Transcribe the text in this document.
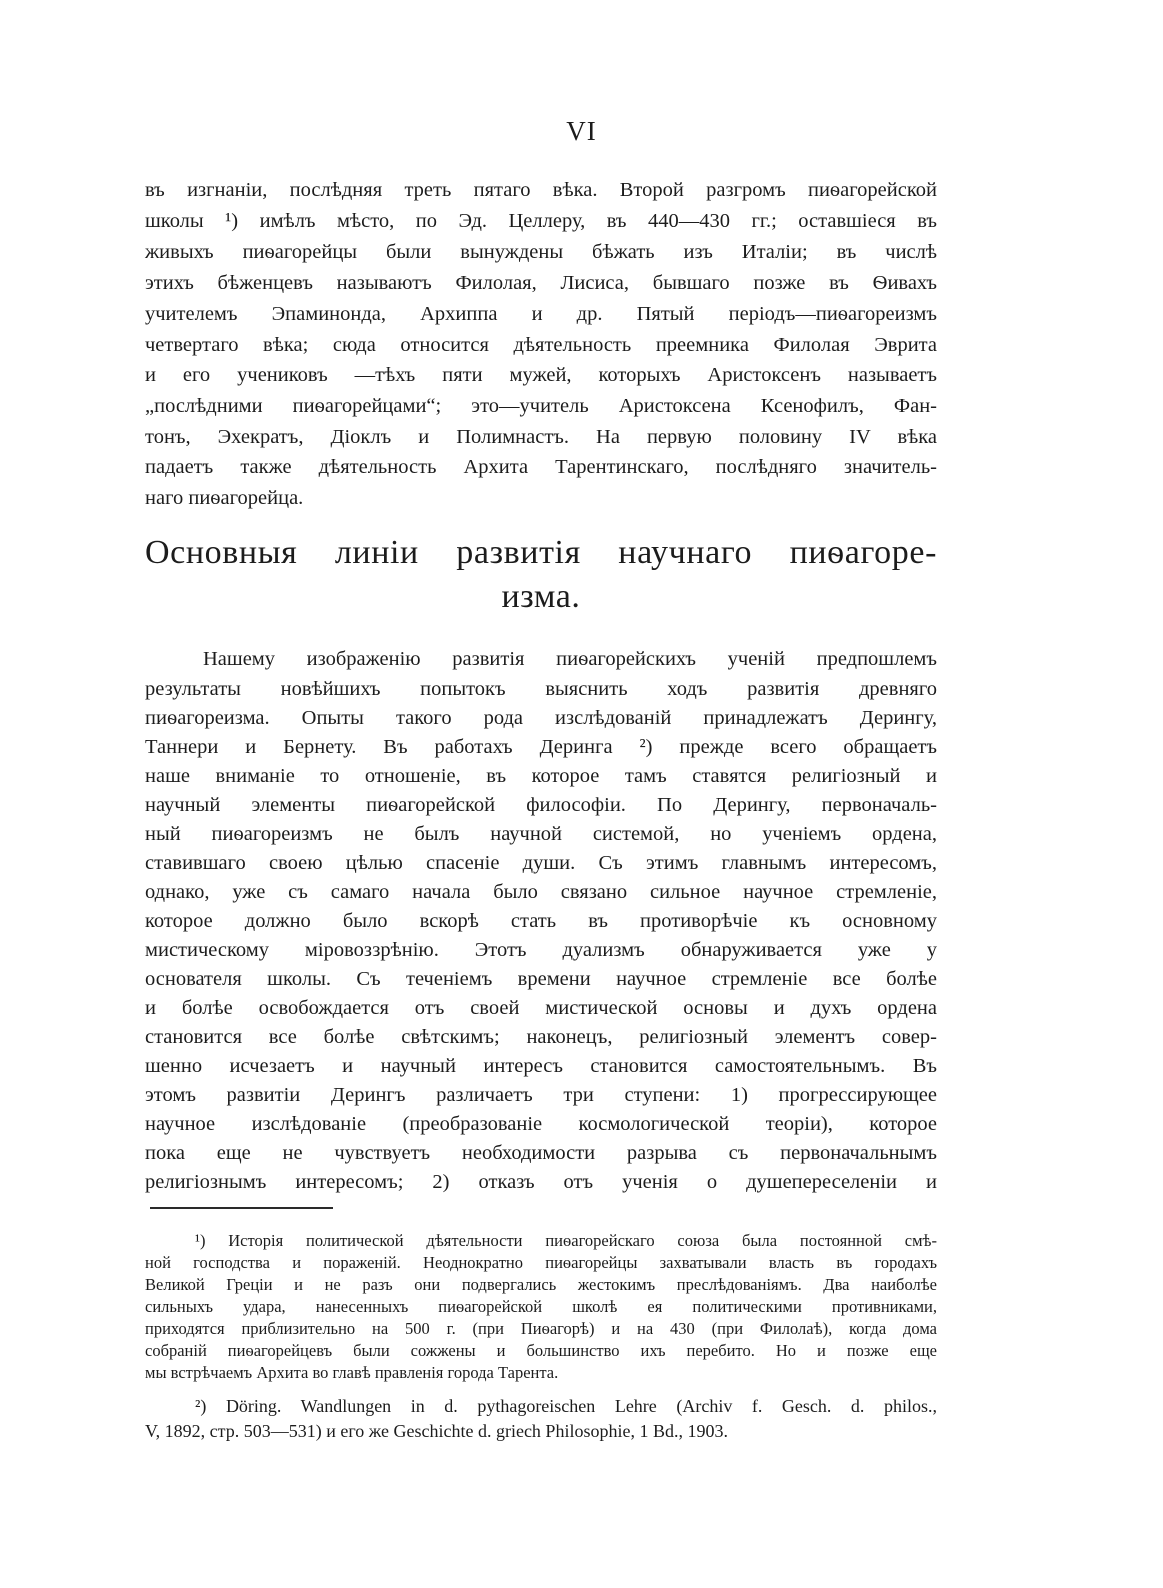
VI
въ изгнаніи, послѣдняя треть пятаго вѣка. Второй разгромъ пиѳагорейской
школы ¹) имѣлъ мѣсто, по Эд. Целлеру, въ 440—430 гг.; оставшіеся въ
живыхъ пиѳагорейцы были вынуждены бѣжать изъ Италіи; въ числѣ
этихъ бѣженцевъ называютъ Филолая, Лисиса, бывшаго позже въ Ѳивахъ
учителемъ Эпаминонда, Архиппа и др. Пятый періодъ—пиѳагореизмъ
четвертаго вѣка; сюда относится дѣятельность преемника Филолая Эврита
и его учениковъ —тѣхъ пяти мужей, которыхъ Аристоксенъ называетъ
„послѣдними пиѳагорейцами“; это—учитель Аристоксена Ксенофилъ, Фан-
тонъ, Эхекратъ, Діоклъ и Полимнастъ. На первую половину IV вѣка
падаетъ также дѣятельность Архита Тарентинскаго, послѣдняго значитель-
наго пиѳагорейца.
Основныя линіи развитія научнаго пиѳагоре-
изма.
Нашему изображенію развитія пиѳагорейскихъ ученій предпошлемъ
результаты новѣйшихъ попытокъ выяснить ходъ развитія древняго
пиѳагореизма. Опыты такого рода изслѣдованій принадлежатъ Дерингу,
Таннери и Бернету. Въ работахъ Деринга ²) прежде всего обращаетъ
наше вниманіе то отношеніе, въ которое тамъ ставятся религіозный и
научный элементы пиѳагорейской философіи. По Дерингу, первоначаль-
ный пиѳагореизмъ не былъ научной системой, но ученіемъ ордена,
ставившаго своею цѣлью спасеніе души. Съ этимъ главнымъ интересомъ,
однако, уже съ самаго начала было связано сильное научное стремленіе,
которое должно было вскорѣ стать въ противорѣчіе къ основному
мистическому міровоззрѣнію. Этотъ дуализмъ обнаруживается уже у
основателя школы. Съ теченіемъ времени научное стремленіе все болѣе
и болѣе освобождается отъ своей мистической основы и духъ ордена
становится все болѣе свѣтскимъ; наконецъ, религіозный элементъ совер-
шенно исчезаетъ и научный интересъ становится самостоятельнымъ. Въ
этомъ развитіи Дерингъ различаетъ три ступени: 1) прогрессирующее
научное изслѣдованіе (преобразованіе космологической теоріи), которое
пока еще не чувствуетъ необходимости разрыва съ первоначальнымъ
религіознымъ интересомъ; 2) отказъ отъ ученія о душепереселеніи и
¹) Исторія политической дѣятельности пиѳагорейскаго союза была постоянной смѣ-
ной господства и пораженій. Неоднократно пиѳагорейцы захватывали власть въ городахъ
Великой Греціи и не разъ они подвергались жестокимъ преслѣдованіямъ. Два наиболѣе
сильныхъ удара, нанесенныхъ пиѳагорейской школѣ ея политическими противниками,
приходятся приблизительно на 500 г. (при Пиѳагорѣ) и на 430 (при Филолаѣ), когда дома
собраній пиѳагорейцевъ были сожжены и большинство ихъ перебито. Но и позже еще
мы встрѣчаемъ Архита во главѣ правленія города Тарента.
²) Döring. Wandlungen in d. pythagoreischen Lehre (Archiv f. Gesch. d. philos.,
V, 1892, стр. 503—531) и его же Geschichte d. griech Philosophie, 1 Bd., 1903.
